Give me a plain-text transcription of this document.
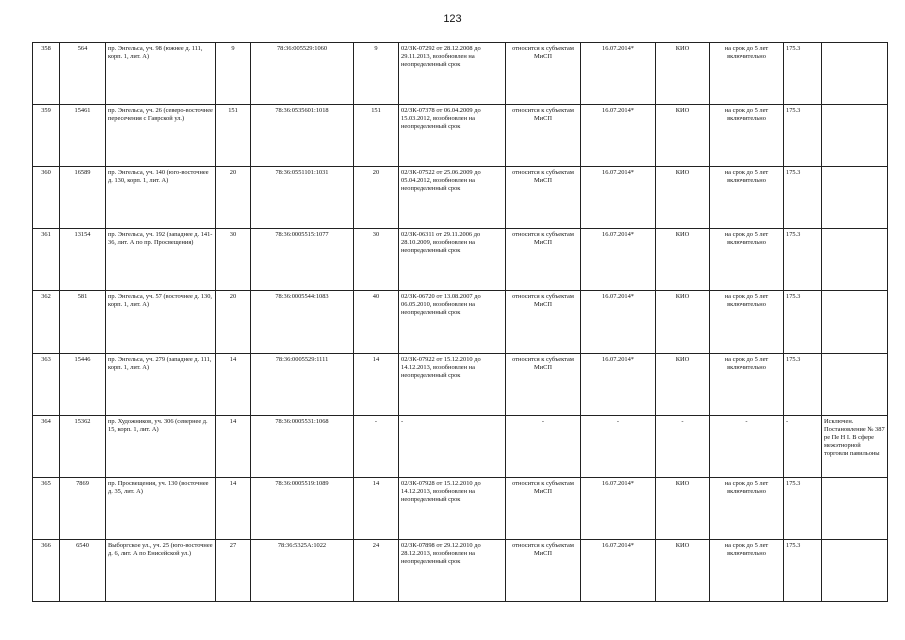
123
358	564	пр. Энгельса, уч. 98 (южнее д. 111, корп. 1, лит. А)	9	78:36:005529:1060	9	02/ЗК-07292 от 28.12.2008 до 29.11.2013, возобновлен на неопределенный срок	относится к субъектам МиСП	16.07.2014*	КИО	на срок до 5 лет включительно	175.3	
359	15461	пр. Энгельса, уч. 26 (северо-восточнее пересечения с Гаврской ул.)	151	78:36:0535601:1018	151	02/ЗК-07378 от 06.04.2009 до 15.03.2012, возобновлен на неопределенный срок	относится к субъектам МиСП	16.07.2014*	КИО	на срок до 5 лет включительно	175.3	
360	16589	пр. Энгельса, уч. 140 (юго-восточнее д. 130, корп. 1, лит. А)	20	78:36:0551101:1031	20	02/ЗК-07522 от 25.06.2009 до 05.04.2012, возобновлен на неопределенный срок	относится к субъектам МиСП	16.07.2014*	КИО	на срок до 5 лет включительно	175.3	
361	13154	пр. Энгельса, уч. 192 (западнее д. 141-36, лит. А по пр. Просвещения)	30	78:36:0005515:1077	30	02/ЗК-06311 от 29.11.2006 до 28.10.2009, возобновлен на неопределенный срок	относится к субъектам МиСП	16.07.2014*	КИО	на срок до 5 лет включительно	175.3	
362	581	пр. Энгельса, уч. 57 (восточнее д. 130, корп. 1, лит. А)	20	78:36:0005544:1083	40	02/ЗК-06720 от 13.08.2007 до 06.05.2010, возобновлен на неопределенный срок	относится к субъектам МиСП	16.07.2014*	КИО	на срок до 5 лет включительно	175.3	
363	15446	пр. Энгельса, уч. 279 (западнее д. 111, корп. 1, лит. А)	14	78:36:0005529:1111	14	02/ЗК-07922 от 15.12.2010 до 14.12.2013, возобновлен на неопределенный срок	относится к субъектам МиСП	16.07.2014*	КИО	на срок до 5 лет включительно	175.3	
364	15362	пр. Художников, уч. 306 (севернее д. 15, корп. 1, лит. А)	14	78:36:0005531:1068	-	-	-	-	-	-	-	Исключен. Постановление № 387 ре Пе Н I. В сфере межэтнорной торговли павильоны
365	7869	пр. Просвещения, уч. 130 (восточнее д. 35, лит. А)	14	78:36:0005519:1089	14	02/ЗК-07928 от 15.12.2010 до 14.12.2013, возобновлен на неопределенный срок	относится к субъектам МиСП	16.07.2014*	КИО	на срок до 5 лет включительно	175.3	
366	6540	Выборгское ул., уч. 25 (юго-восточнее д. 6, лит. А по Енисейской ул.)	27	78:36:5325А:1022	24	02/ЗК-07898 от 29.12.2010 до 28.12.2013, возобновлен на неопределенный срок	относится к субъектам МиСП	16.07.2014*	КИО	на срок до 5 лет включительно	175.3	
